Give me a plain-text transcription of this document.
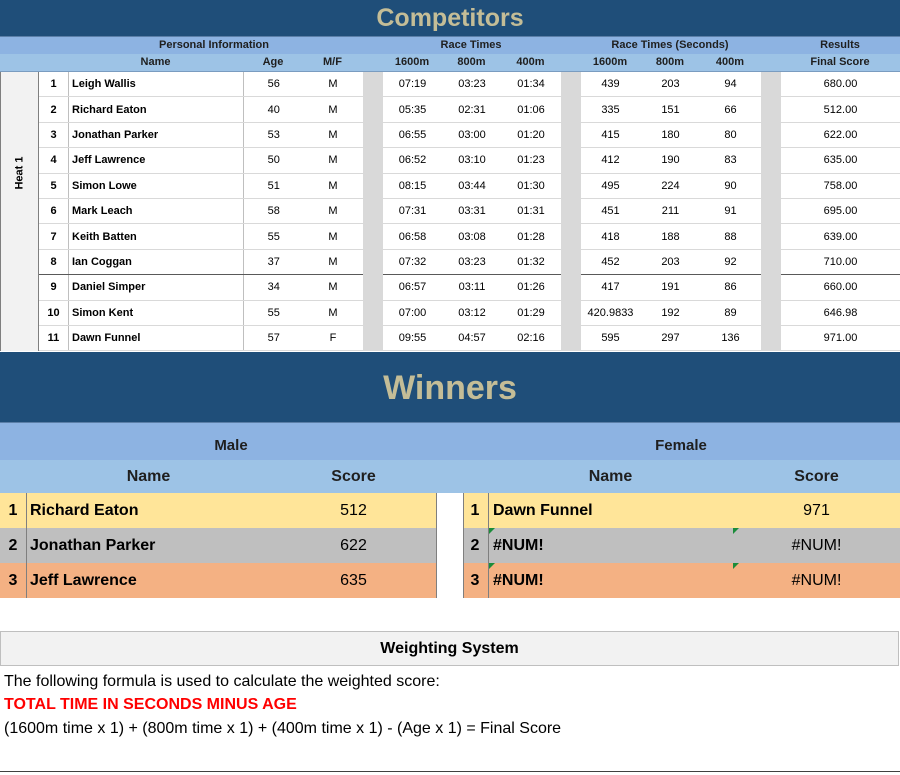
Competitors
Personal Information	Race Times	Race Times (Seconds)	Results
Name	Age	M/F	1600m	800m	400m	1600m	800m	400m	Final Score
Heat 1	1	Leigh Wallis	56	M		07:19	03:23	01:34		439	203	94		680.00
	2	Richard Eaton	40	M		05:35	02:31	01:06		335	151	66		512.00
	3	Jonathan Parker	53	M		06:55	03:00	01:20		415	180	80		622.00
	4	Jeff Lawrence	50	M		06:52	03:10	01:23		412	190	83		635.00
	5	Simon Lowe	51	M		08:15	03:44	01:30		495	224	90		758.00
	6	Mark Leach	58	M		07:31	03:31	01:31		451	211	91		695.00
	7	Keith Batten	55	M		06:58	03:08	01:28		418	188	88		639.00
	8	Ian Coggan	37	M		07:32	03:23	01:32		452	203	92		710.00
	9	Daniel Simper	34	M		06:57	03:11	01:26		417	191	86		660.00
	10	Simon Kent	55	M		07:00	03:12	01:29		420.9833	192	89		646.98
	11	Dawn Funnel	57	F		09:55	04:57	02:16		595	297	136		971.00
Winners
Male	Female
Name	Score	Name	Score
1 Richard Eaton	512	1 Dawn Funnel	971
2 Jonathan Parker	622	2 #NUM!	#NUM!
3 Jeff Lawrence	635	3 #NUM!	#NUM!
Weighting System
The following formula is used to calculate the weighted score:
TOTAL TIME IN SECONDS MINUS AGE
(1600m time x 1) + (800m time x 1) + (400m time x 1) - (Age x 1) = Final Score
